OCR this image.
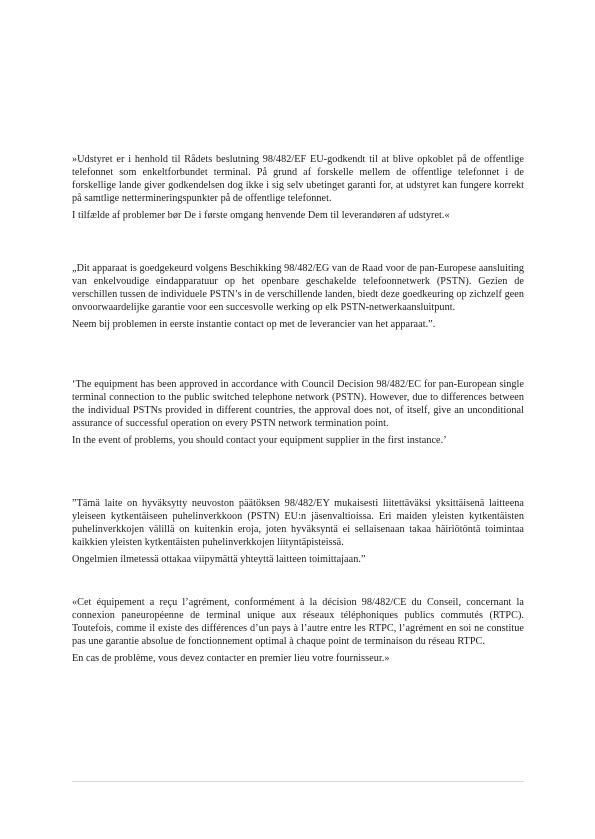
»Udstyret er i henhold til Rådets beslutning 98/482/EF EU-godkendt til at blive opkoblet på de offentlige telefonnet som enkeltforbundet terminal. På grund af forskelle mellem de offentlige telefonnet i de forskellige lande giver godkendelsen dog ikke i sig selv ubetinget garanti for, at udstyret kan fungere korrekt på samtlige nettermineringspunkter på de offentlige telefonnet.

I tilfælde af problemer bør De i første omgang henvende Dem til leverandøren af udstyret.«

„Dit apparaat is goedgekeurd volgens Beschikking 98/482/EG van de Raad voor de pan-Europese aansluiting van enkelvoudige eindapparatuur op het openbare geschakelde telefoonnetwerk (PSTN). Gezien de verschillen tussen de individuele PSTN’s in de verschillende landen, biedt deze goedkeuring op zichzelf geen onvoorwaardelijke garantie voor een succesvolle werking op elk PSTN-netwerkaansluitpunt.

Neem bij problemen in eerste instantie contact op met de leverancier van het apparaat.”.

‘The equipment has been approved in accordance with Council Decision 98/482/EC for pan-European single terminal connection to the public switched telephone network (PSTN). However, due to differences between the individual PSTNs provided in different countries, the approval does not, of itself, give an unconditional assurance of successful operation on every PSTN network termination point.

In the event of problems, you should contact your equipment supplier in the first instance.’

”Tämä laite on hyväksytty neuvoston päätöksen 98/482/EY mukaisesti liitettäväksi yksittäisenä laitteena yleiseen kytkentäiseen puhelinverkkoon (PSTN) EU:n jäsenvaltioissa. Eri maiden yleisten kytkentäisten puhelinverkkojen välillä on kuitenkin eroja, joten hyväksyntä ei sellaisenaan takaa häiriötöntä toimintaa kaikkien yleisten kytkentäisten puhelinverkkojen liityntäpisteissä.

Ongelmien ilmetessä ottakaa viipymättä yhteyttä laitteen toimittajaan.”

«Cet équipement a reçu l’agrément, conformément à la décision 98/482/CE du Conseil, concernant la connexion paneuropéenne de terminal unique aux réseaux téléphoniques publics commutés (RTPC). Toutefois, comme il existe des différences d’un pays à l’autre entre les RTPC, l’agrément en soi ne constitue pas une garantie absolue de fonctionnement optimal à chaque point de terminaison du réseau RTPC.

En cas de problème, vous devez contacter en premier lieu votre fournisseur.»
